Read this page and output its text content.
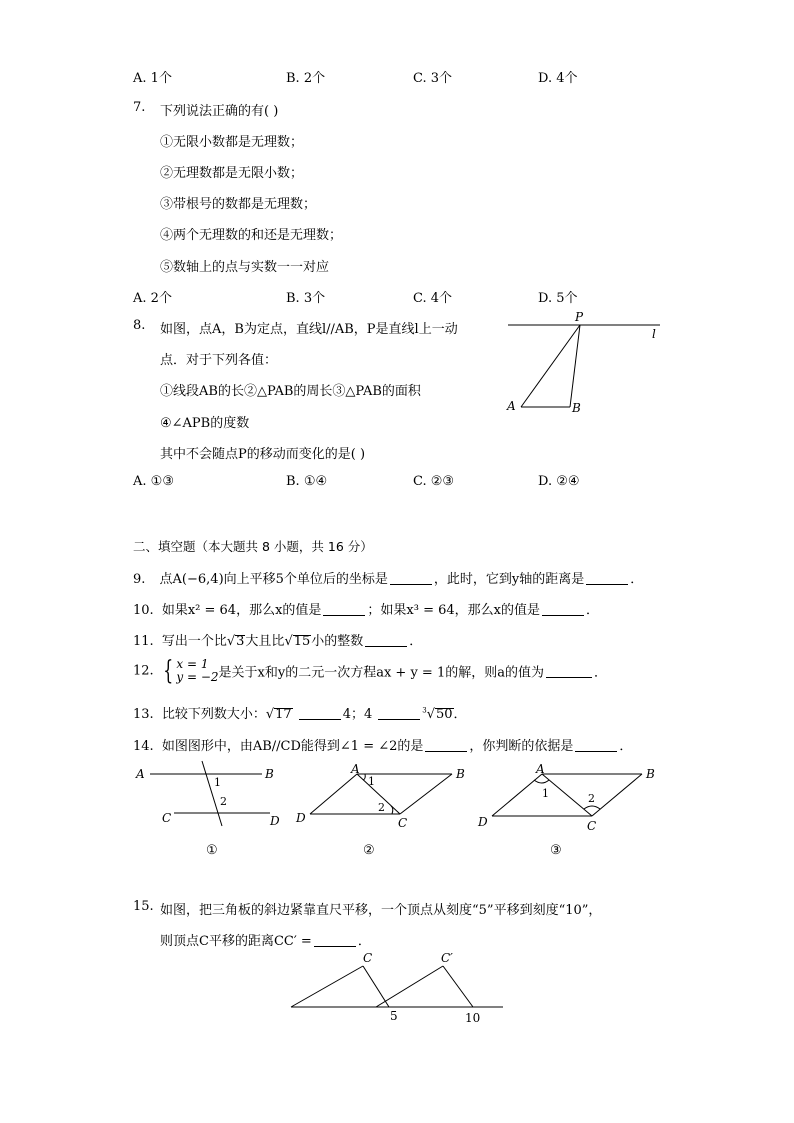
A. 1个	B. 2个	C. 3个	D. 4个
7. 下列说法正确的有( )
①无限小数都是无理数；
②无理数都是无限小数；
③带根号的数都是无理数；
④两个无理数的和还是无理数；
⑤数轴上的点与实数一一对应
A. 2个	B. 3个	C. 4个	D. 5个
8. 如图，点A，B为定点，直线l//AB，P是直线l上一动
点．对于下列各值：
①线段AB的长②△PAB的周长③△PAB的面积
④∠APB的度数
其中不会随点P的移动而变化的是( )
P
l
A	B
A. ①③	B. ①④	C. ②③	D. ②④
二、填空题（本大题共 8 小题，共 16 分）
9. 点A(−6,4)向上平移5个单位后的坐标是	，此时，它到y轴的距离是	．
10. 如果x² = 64，那么x的值是	；如果x³ = 64，那么x的值是	．
11. 写出一个比√3大且比√15小的整数	．
12. { x = 1
y = −2是关于x和y的二元一次方程ax + y = 1的解，则a的值为	．
13. 比较下列数大小：√17	4；4	$^3$√50．
14. 如图图形中，由AB//CD能得到∠1 = ∠2的是	，你判断的依据是	．
A	B
C	D
1
2
①
A	B
D	C
1
2
②
A	B
D	C
1	2
③
15. 如图，把三角板的斜边紧靠直尺平移，一个顶点从刻度“5”平移到刻度“10”，
则顶点C平移的距离CC′ =	．
C	C′
5	10
